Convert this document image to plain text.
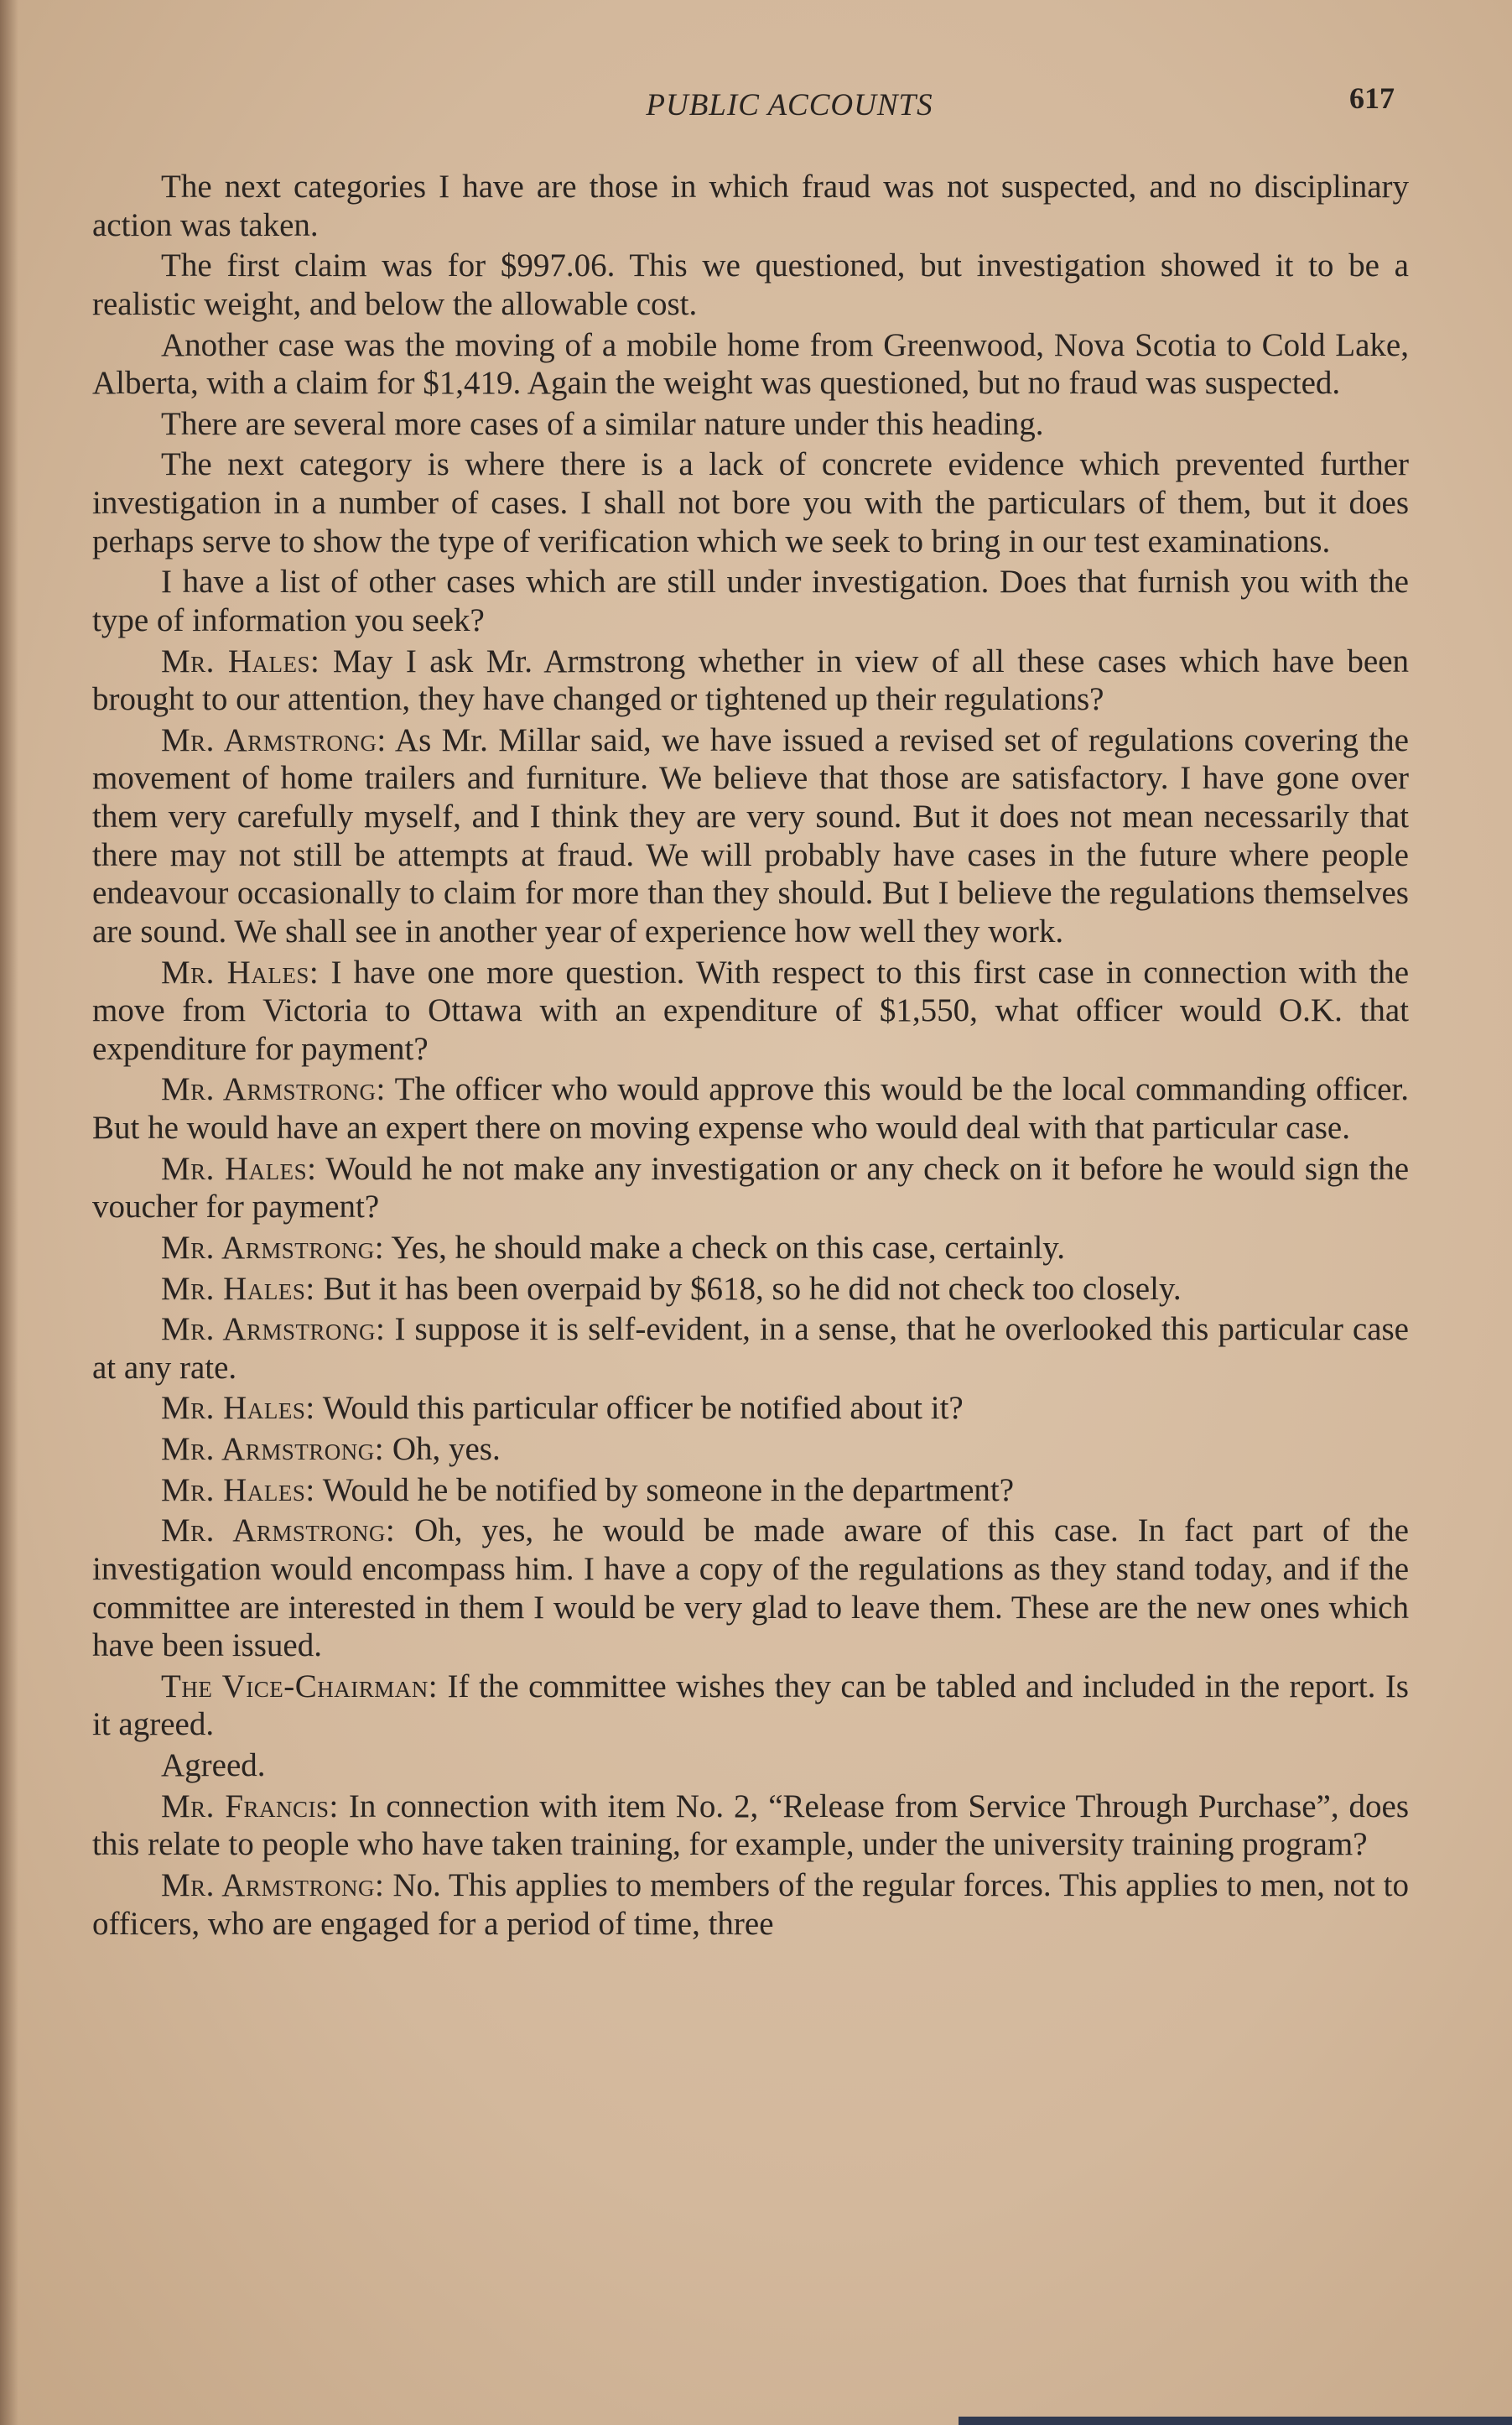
PUBLIC ACCOUNTS	617

The next categories I have are those in which fraud was not suspected, and no disciplinary action was taken.

The first claim was for $997.06. This we questioned, but investigation showed it to be a realistic weight, and below the allowable cost.

Another case was the moving of a mobile home from Greenwood, Nova Scotia to Cold Lake, Alberta, with a claim for $1,419. Again the weight was questioned, but no fraud was suspected.

There are several more cases of a similar nature under this heading.

The next category is where there is a lack of concrete evidence which prevented further investigation in a number of cases. I shall not bore you with the particulars of them, but it does perhaps serve to show the type of verification which we seek to bring in our test examinations.

I have a list of other cases which are still under investigation. Does that furnish you with the type of information you seek?

Mr. Hales: May I ask Mr. Armstrong whether in view of all these cases which have been brought to our attention, they have changed or tightened up their regulations?

Mr. Armstrong: As Mr. Millar said, we have issued a revised set of regulations covering the movement of home trailers and furniture. We believe that those are satisfactory. I have gone over them very carefully myself, and I think they are very sound. But it does not mean necessarily that there may not still be attempts at fraud. We will probably have cases in the future where people endeavour occasionally to claim for more than they should. But I believe the regulations themselves are sound. We shall see in another year of experience how well they work.

Mr. Hales: I have one more question. With respect to this first case in connection with the move from Victoria to Ottawa with an expenditure of $1,550, what officer would O.K. that expenditure for payment?

Mr. Armstrong: The officer who would approve this would be the local commanding officer. But he would have an expert there on moving expense who would deal with that particular case.

Mr. Hales: Would he not make any investigation or any check on it before he would sign the voucher for payment?

Mr. Armstrong: Yes, he should make a check on this case, certainly.

Mr. Hales: But it has been overpaid by $618, so he did not check too closely.

Mr. Armstrong: I suppose it is self-evident, in a sense, that he overlooked this particular case at any rate.

Mr. Hales: Would this particular officer be notified about it?

Mr. Armstrong: Oh, yes.

Mr. Hales: Would he be notified by someone in the department?

Mr. Armstrong: Oh, yes, he would be made aware of this case. In fact part of the investigation would encompass him. I have a copy of the regulations as they stand today, and if the committee are interested in them I would be very glad to leave them. These are the new ones which have been issued.

The Vice-Chairman: If the committee wishes they can be tabled and included in the report. Is it agreed.

Agreed.

Mr. Francis: In connection with item No. 2, “Release from Service Through Purchase”, does this relate to people who have taken training, for example, under the university training program?

Mr. Armstrong: No. This applies to members of the regular forces. This applies to men, not to officers, who are engaged for a period of time, three
